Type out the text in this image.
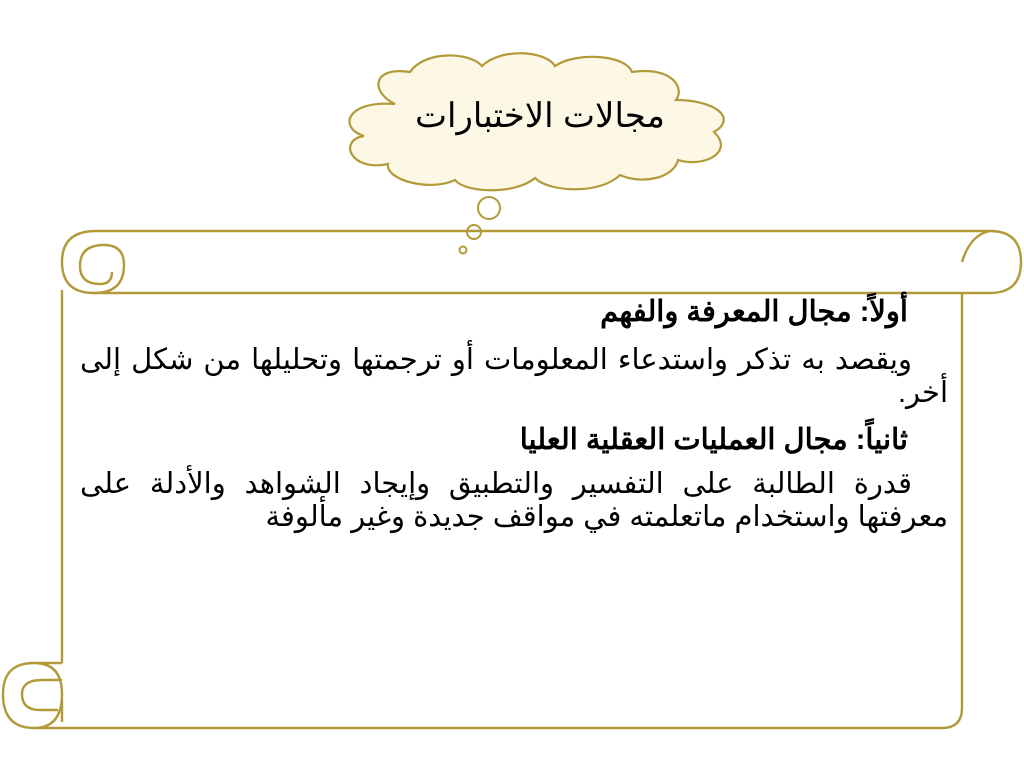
مجالات الاختبارات

أولاً: مجال المعرفة والفهم

ويقصد به تذكر واستدعاء المعلومات أو ترجمتها وتحليلها من شكل إلى أخر.

ثانياً: مجال العمليات العقلية العليا

قدرة الطالبة على التفسير والتطبيق وإيجاد الشواهد والأدلة على معرفتها واستخدام ماتعلمته في مواقف جديدة وغير مألوفة
